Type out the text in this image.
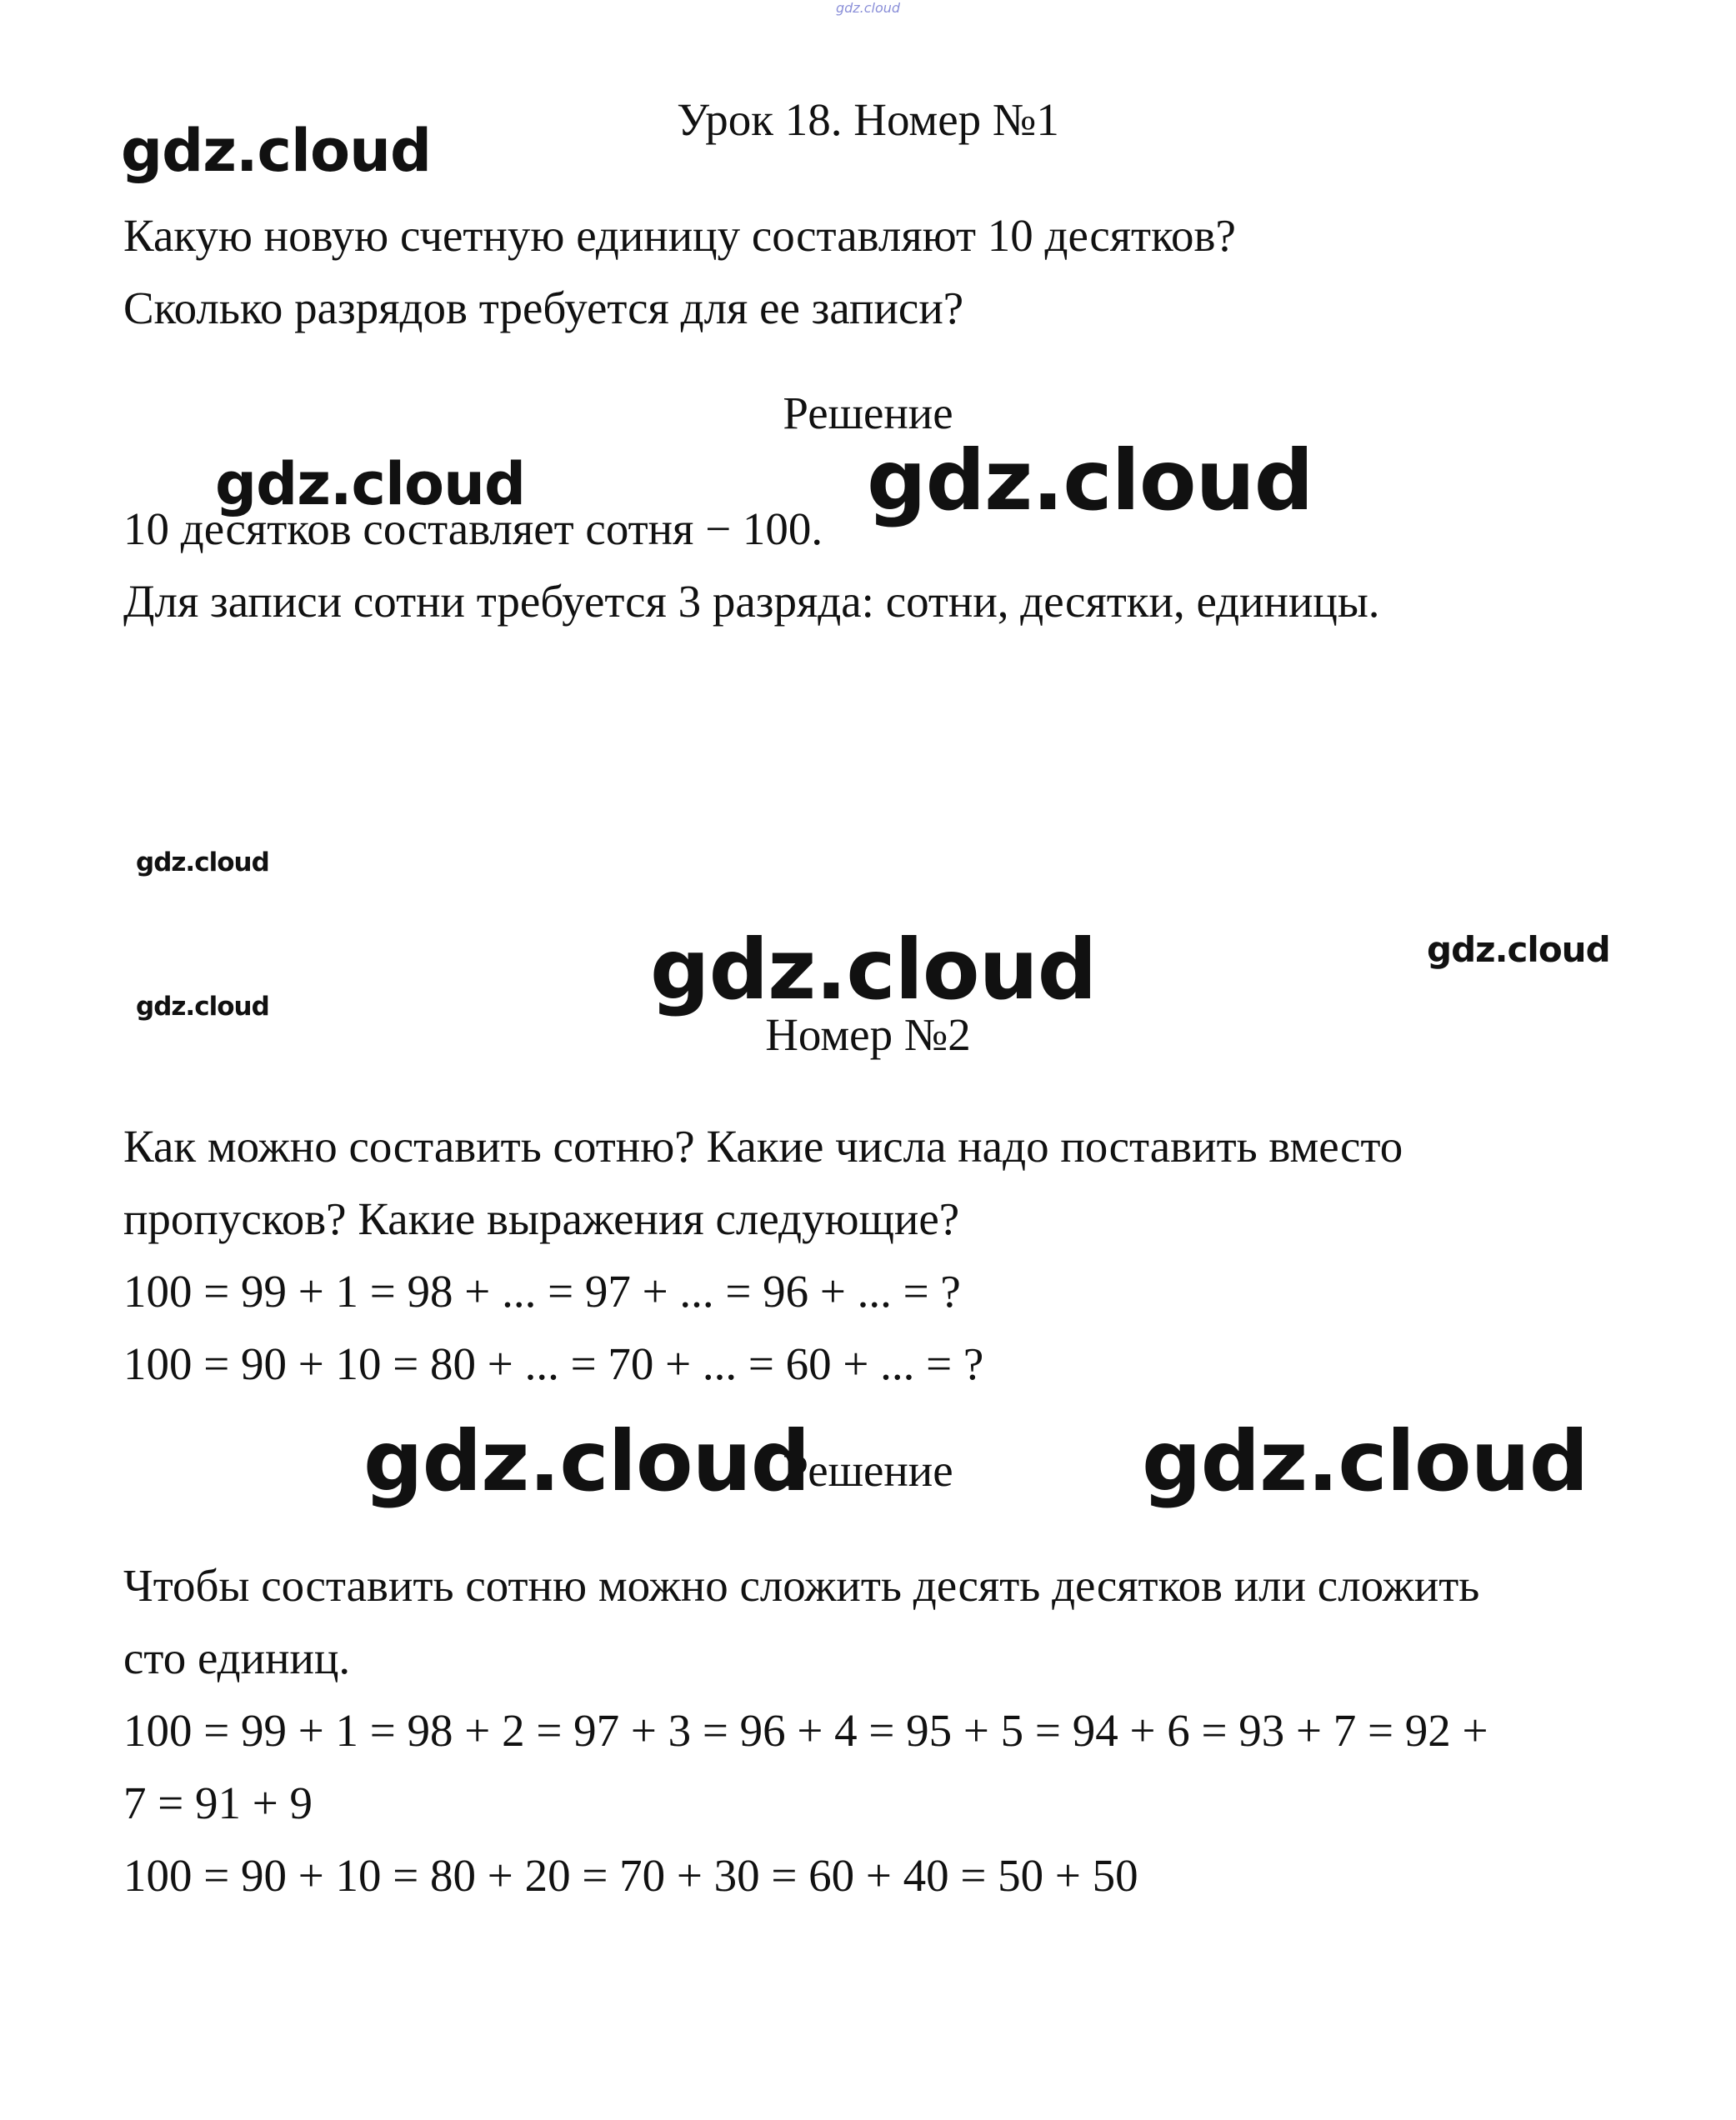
gdz.cloud
Урок 18. Номер №1
Какую новую счетную единицу составляют 10 десятков?
Сколько разрядов требуется для ее записи?
Решение
10 десятков составляет сотня − 100.
Для записи сотни требуется 3 разряда: сотни, десятки, единицы.
Номер №2
Как можно составить сотню? Какие числа надо поставить вместо
пропусков? Какие выражения следующие?
100 = 99 + 1 = 98 + ... = 97 + ... = 96 + ... = ?
100 = 90 + 10 = 80 + ... = 70 + ... = 60 + ... = ?
Решение
Чтобы составить сотню можно сложить десять десятков или сложить
сто единиц.
100 = 99 + 1 = 98 + 2 = 97 + 3 = 96 + 4 = 95 + 5 = 94 + 6 = 93 + 7 = 92 +
7 = 91 + 9
100 = 90 + 10 = 80 + 20 = 70 + 30 = 60 + 40 = 50 + 50
gdz.cloud
gdz.cloud	gdz.cloud
gdz.cloud
gdz.cloud	gdz.cloud	gdz.cloud
gdz.cloud	gdz.cloud
